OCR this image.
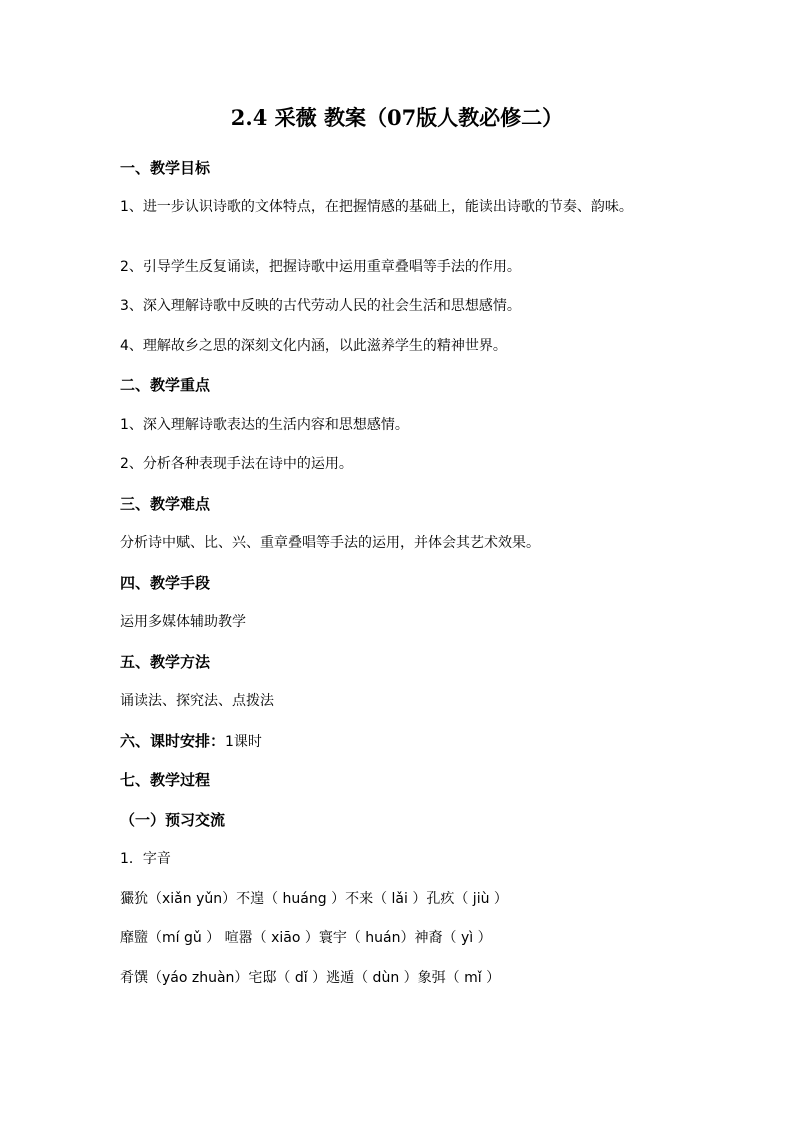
2.4 采薇 教案（07版人教必修二）
一、教学目标
1、进一步认识诗歌的文体特点，在把握情感的基础上，能读出诗歌的节奏、韵味。
2、引导学生反复诵读，把握诗歌中运用重章叠唱等手法的作用。
3、深入理解诗歌中反映的古代劳动人民的社会生活和思想感情。
4、理解故乡之思的深刻文化内涵，以此滋养学生的精神世界。
二、教学重点
1、深入理解诗歌表达的生活内容和思想感情。
2、分析各种表现手法在诗中的运用。
三、教学难点
分析诗中赋、比、兴、重章叠唱等手法的运用，并体会其艺术效果。
四、教学手段
运用多媒体辅助教学
五、教学方法
诵读法、探究法、点拨法
六、课时安排：1课时
七、教学过程
（一）预习交流
1．字音
玁狁（xiǎn yǔn）不遑（ huáng ）不来（ lǎi ）孔疚（ jiù ）
靡盬（mí gǔ ） 喧嚣（ xiāo ）寰宇（ huán）神裔（ yì ）
肴馔（yáo zhuàn）宅邸（ dǐ ）逃遁（ dùn ）象弭（ mǐ ）
